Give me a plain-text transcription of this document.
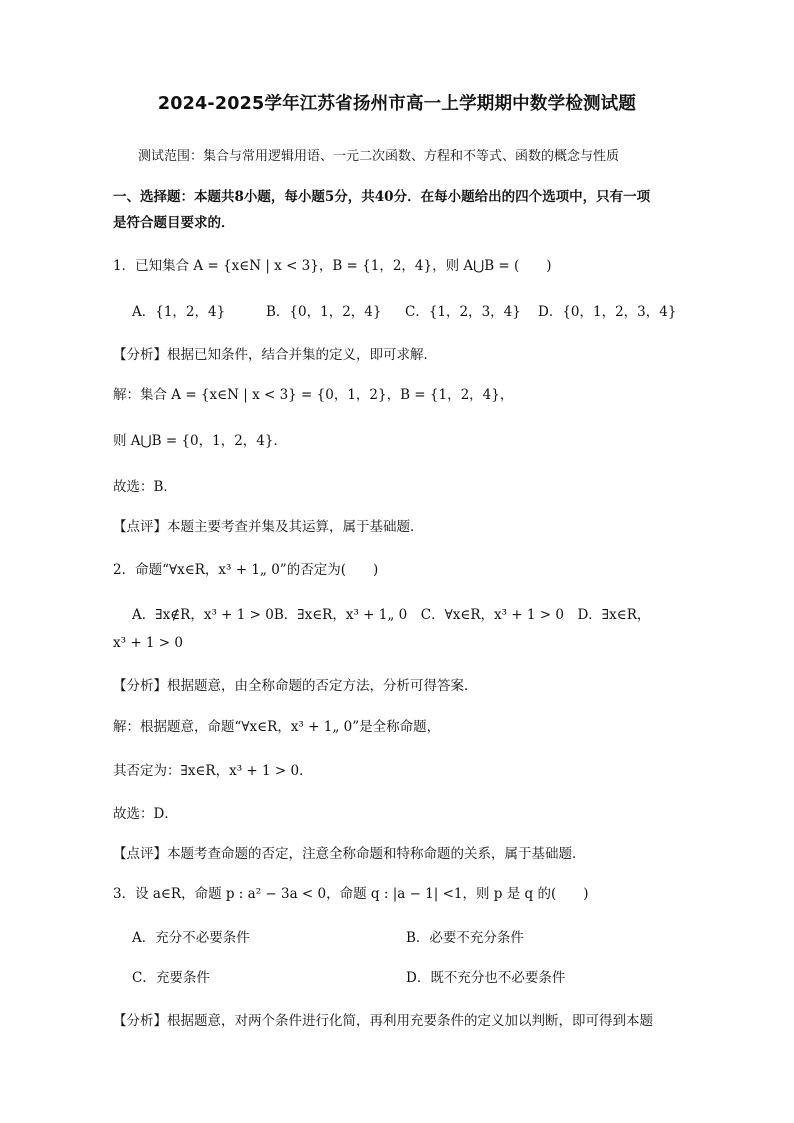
2024-2025学年江苏省扬州市高一上学期期中数学检测试题
测试范围：集合与常用逻辑用语、一元二次函数、方程和不等式、函数的概念与性质
一、选择题：本题共8小题，每小题5分，共40分．在每小题给出的四个选项中，只有一项
是符合题目要求的．
1．已知集合 A = {x∈N | x < 3}，B = {1，2，4}，则 A⋃B = (　　)
A．{1，2，4}	B．{0，1，2，4} C．{1，2，3，4} D．{0，1，2，3，4}
【分析】根据已知条件，结合并集的定义，即可求解．
解：集合 A = {x∈N | x < 3} = {0，1，2}，B = {1，2，4}，
则 A⋃B = {0，1，2，4}．
故选：B．
【点评】本题主要考查并集及其运算，属于基础题．
2．命题“∀x∈R，x³ + 1„ 0”的否定为(　　)
A．∃x∉R，x³ + 1 > 0B．∃x∈R，x³ + 1„ 0　C．∀x∈R，x³ + 1 > 0　D．∃x∈R，
x³ + 1 > 0
【分析】根据题意，由全称命题的否定方法，分析可得答案．
解：根据题意，命题“∀x∈R，x³ + 1„ 0”是全称命题，
其否定为：∃x∈R，x³ + 1 > 0．
故选：D．
【点评】本题考查命题的否定，注意全称命题和特称命题的关系，属于基础题．
3．设 a∈R，命题 p : a² − 3a < 0，命题 q : |a − 1| <1，则 p 是 q 的(　　)
A．充分不必要条件	B．必要不充分条件
C．充要条件	D．既不充分也不必要条件
【分析】根据题意，对两个条件进行化简，再利用充要条件的定义加以判断，即可得到本题
